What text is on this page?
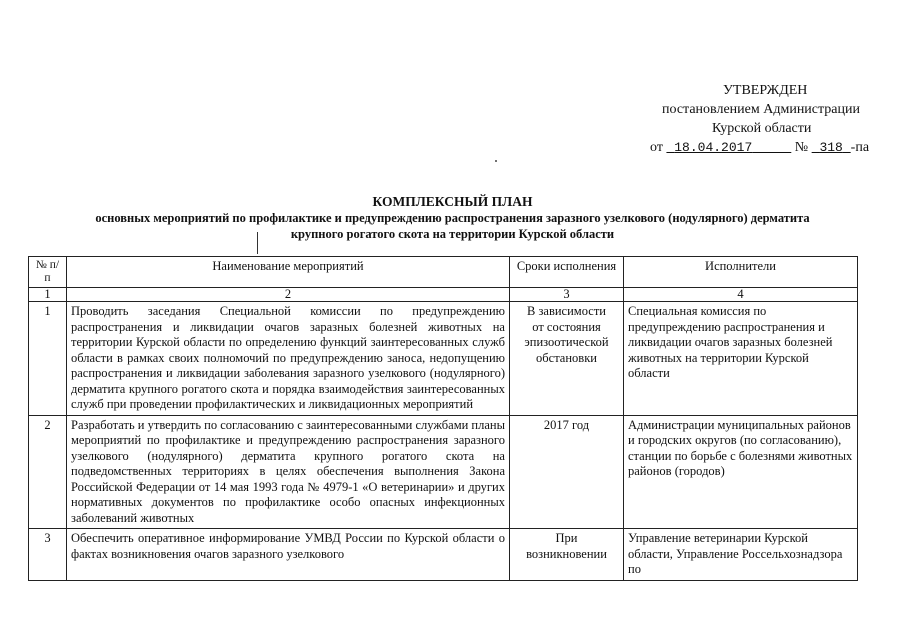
УТВЕРЖДЕН
постановлением Администрации
Курской области
от 18.04.2017	№ 318 -па
КОМПЛЕКСНЫЙ ПЛАН
основных мероприятий по профилактике и предупреждению распространения заразного узелкового (нодулярного) дерматита
крупного рогатого скота на территории Курской области
№ п/п	Наименование мероприятий	Сроки исполнения	Исполнители
1	2	3	4
1	Проводить заседания Специальной комиссии по предупреждению распространения и ликвидации очагов заразных болезней животных на территории Курской области по определению функций заинтересованных служб области в рамках своих полномочий по предупреждению заноса, недопущению распространения и ликвидации заболевания заразного узелкового (нодулярного) дерматита крупного рогатого скота и порядка взаимодействия заинтересованных служб при проведении профилактических и ликвидационных мероприятий	В зависимости от состояния эпизоотической обстановки	Специальная комиссия по предупреждению распространения и ликвидации очагов заразных болезней животных на территории Курской области
2	Разработать и утвердить по согласованию с заинтересованными службами планы мероприятий по профилактике и предупреждению распространения заразного узелкового (нодулярного) дерматита крупного рогатого скота на подведомственных территориях в целях обеспечения выполнения Закона Российской Федерации от 14 мая 1993 года № 4979-1 «О ветеринарии» и других нормативных документов по профилактике особо опасных инфекционных заболеваний животных	2017 год	Администрации муниципальных районов и городских округов (по согласованию), станции по борьбе с болезнями животных районов (городов)
3	Обеспечить оперативное информирование УМВД России по Курской области о фактах возникновения очагов заразного узелкового	При возникновении	Управление ветеринарии Курской области, Управление Россельхознадзора по
